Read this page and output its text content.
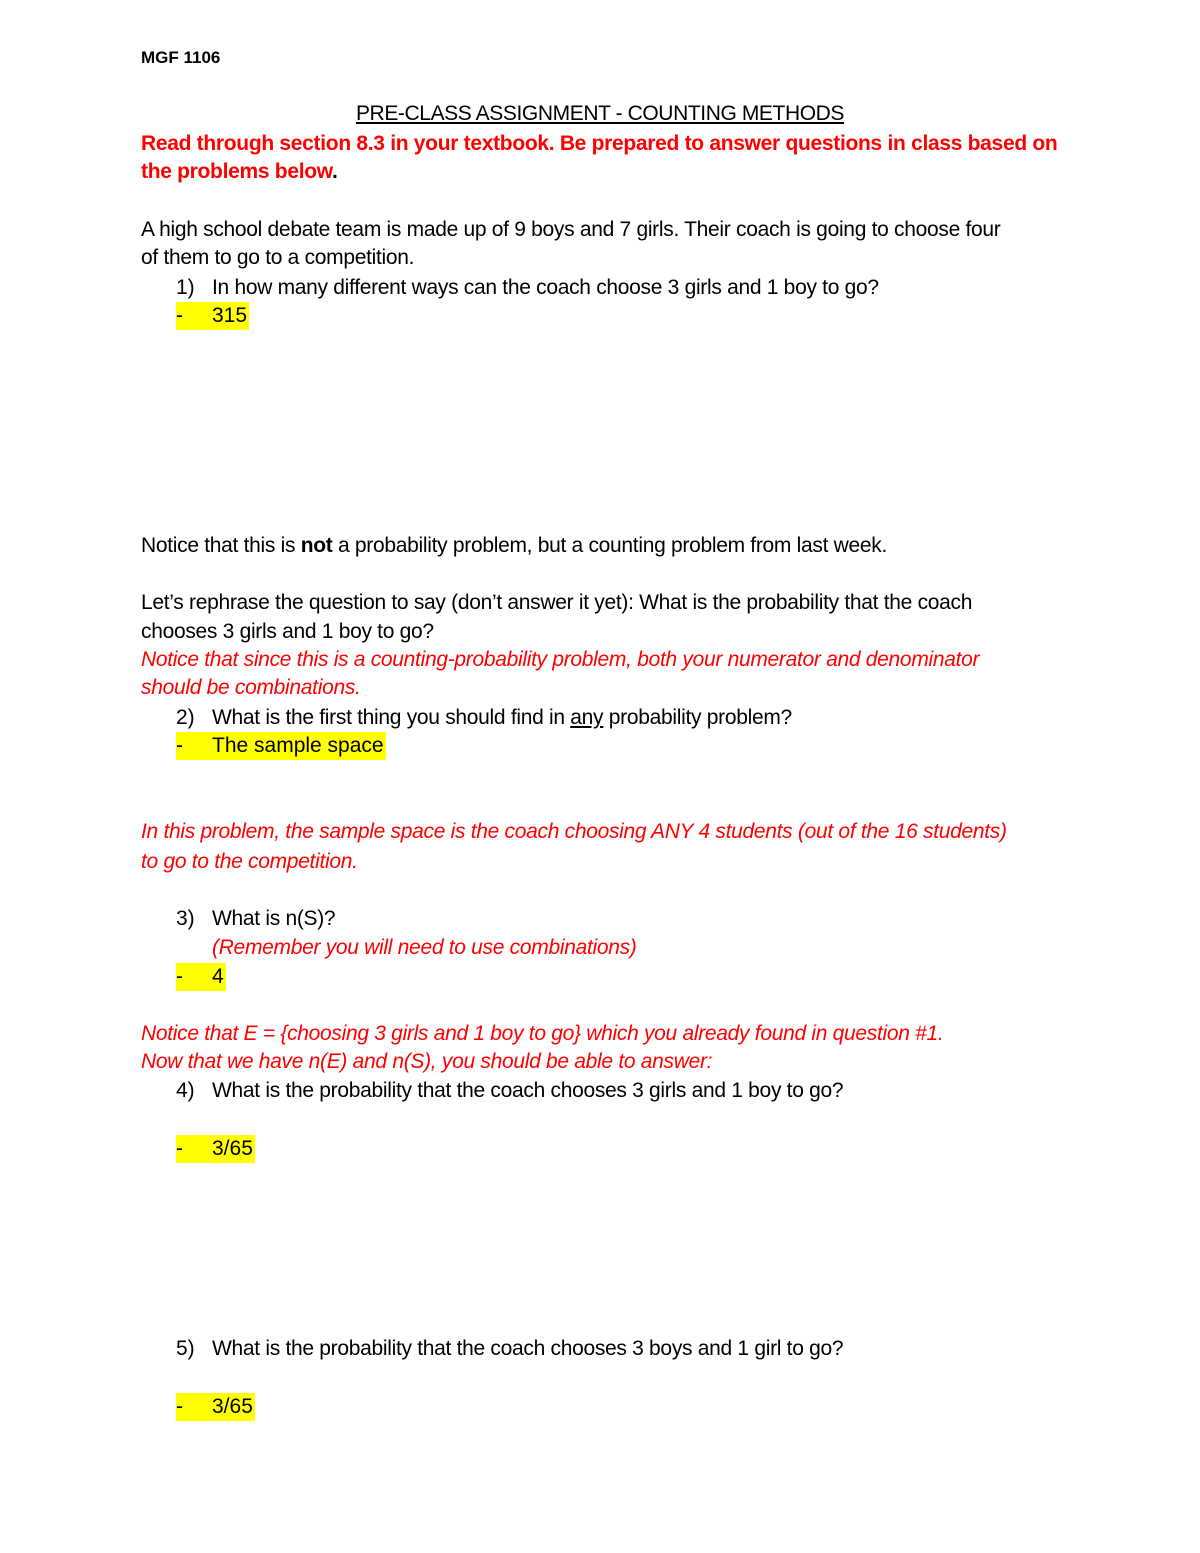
MGF 1106
PRE-CLASS ASSIGNMENT - COUNTING METHODS
Read through section 8.3 in your textbook. Be prepared to answer questions in class based on
the problems below.
A high school debate team is made up of 9 boys and 7 girls. Their coach is going to choose four
of them to go to a competition.
1) In how many different ways can the coach choose 3 girls and 1 boy to go?
- 315
Notice that this is not a probability problem, but a counting problem from last week.
Let’s rephrase the question to say (don’t answer it yet): What is the probability that the coach
chooses 3 girls and 1 boy to go?
Notice that since this is a counting-probability problem, both your numerator and denominator
should be combinations.
2) What is the first thing you should find in any probability problem?
- The sample space
In this problem, the sample space is the coach choosing ANY 4 students (out of the 16 students)
to go to the competition.
3) What is n(S)?
(Remember you will need to use combinations)
- 4
Notice that E = {choosing 3 girls and 1 boy to go} which you already found in question #1.
Now that we have n(E) and n(S), you should be able to answer:
4) What is the probability that the coach chooses 3 girls and 1 boy to go?
- 3/65
5) What is the probability that the coach chooses 3 boys and 1 girl to go?
- 3/65
